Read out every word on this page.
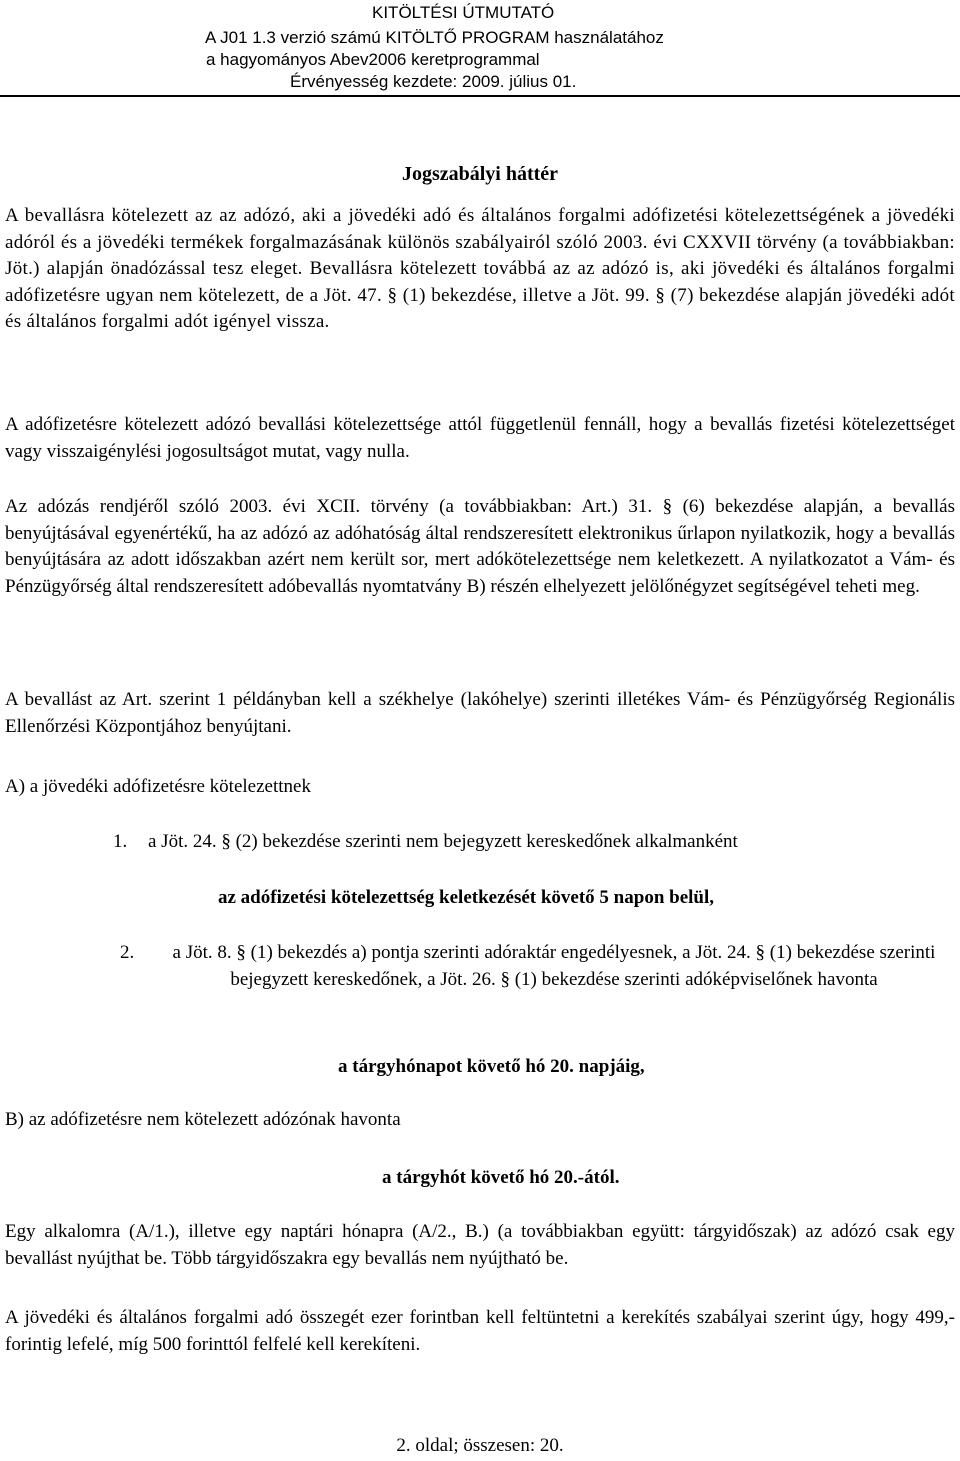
KITÖLTÉSI ÚTMUTATÓ
A J01 1.3 verzió számú KITÖLTŐ PROGRAM használatához
a hagyományos Abev2006 keretprogrammal
Érvényesség kezdete: 2009. július 01.
Jogszabályi háttér
A bevallásra kötelezett az az adózó, aki a jövedéki adó és általános forgalmi adófizetési kötelezettségének a jövedéki adóról és a jövedéki termékek forgalmazásának különös szabályairól szóló 2003. évi CXXVII törvény (a továbbiakban: Jöt.) alapján önadózással tesz eleget. Bevallásra kötelezett továbbá az az adózó is, aki jövedéki és általános forgalmi adófizetésre ugyan nem kötelezett, de a Jöt. 47. § (1) bekezdése, illetve a Jöt. 99. § (7) bekezdése alapján jövedéki adót és általános forgalmi adót igényel vissza.
A adófizetésre kötelezett adózó bevallási kötelezettsége attól függetlenül fennáll, hogy a bevallás fizetési kötelezettséget vagy visszaigénylési jogosultságot mutat, vagy nulla.
Az adózás rendjéről szóló 2003. évi XCII. törvény (a továbbiakban: Art.) 31. § (6) bekezdése alapján, a bevallás benyújtásával egyenértékű, ha az adózó az adóhatóság által rendszeresített elektronikus űrlapon nyilatkozik, hogy a bevallás benyújtására az adott időszakban azért nem került sor, mert adókötelezettsége nem keletkezett. A nyilatkozatot a Vám- és Pénzügyőrség által rendszeresített adóbevallás nyomtatvány B) részén elhelyezett jelölőnégyzet segítségével teheti meg.
A bevallást az Art. szerint 1 példányban kell a székhelye (lakóhelye) szerinti illetékes Vám- és Pénzügyőrség Regionális Ellenőrzési Központjához benyújtani.
A) a jövedéki adófizetésre kötelezettnek
1. a Jöt. 24. § (2) bekezdése szerinti nem bejegyzett kereskedőnek alkalmanként
az adófizetési kötelezettség keletkezését követő 5 napon belül,
2.	a Jöt. 8. § (1) bekezdés a) pontja szerinti adóraktár engedélyesnek, a Jöt. 24. § (1) bekezdése szerinti bejegyzett kereskedőnek, a Jöt. 26. § (1) bekezdése szerinti adóképviselőnek havonta
a tárgyhónapot követő hó 20. napjáig,
B) az adófizetésre nem kötelezett adózónak havonta
a tárgyhót követő hó 20.-ától.
Egy alkalomra (A/1.), illetve egy naptári hónapra (A/2., B.) (a továbbiakban együtt: tárgyidőszak) az adózó csak egy bevallást nyújthat be. Több tárgyidőszakra egy bevallás nem nyújtható be.
A jövedéki és általános forgalmi adó összegét ezer forintban kell feltüntetni a kerekítés szabályai szerint úgy, hogy 499,- forintig lefelé, míg 500 forinttól felfelé kell kerekíteni.
2. oldal; összesen: 20.
